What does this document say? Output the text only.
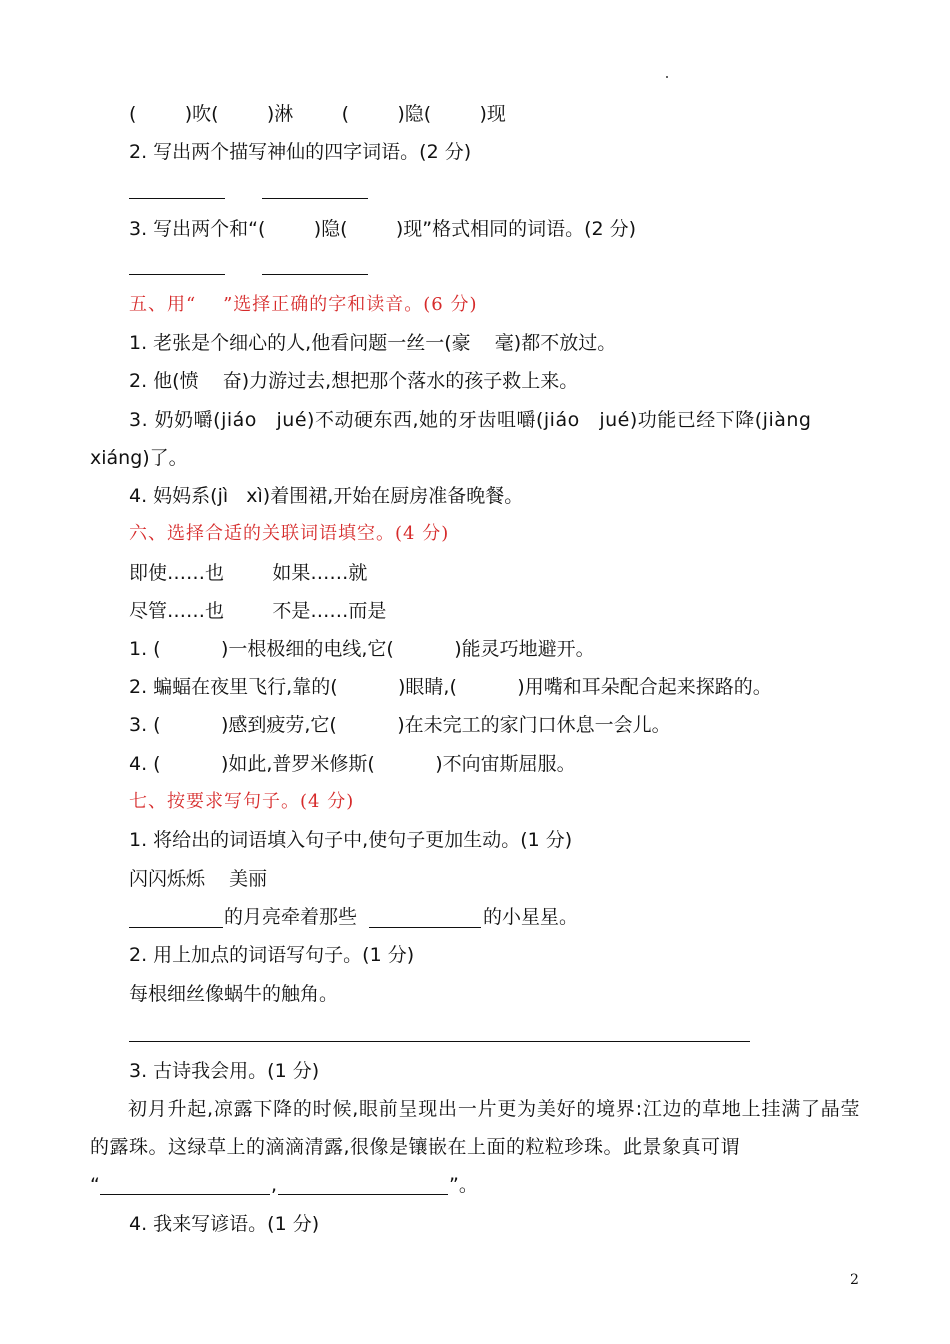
(        )吹(        )淋        (        )隐(        )现

2. 写出两个描写神仙的四字词语。(2 分)

3. 写出两个和“(        )隐(        )现”格式相同的词语。(2 分)

五、用“    ”选择正确的字和读音。(6 分)

1. 老张是个细心的人,他看问题一丝一(豪    毫)都不放过。

2. 他(愤    奋)力游过去,想把那个落水的孩子救上来。

3. 奶奶嚼(jiáo   jué)不动硬东西,她的牙齿咀嚼(jiáo   jué)功能已经下降(jiàng

xiáng)了。

4. 妈妈系(jì   xì)着围裙,开始在厨房准备晚餐。

六、选择合适的关联词语填空。(4 分)

即使……也        如果……就

尽管……也        不是……而是

1. (          )一根极细的电线,它(          )能灵巧地避开。

2. 蝙蝠在夜里飞行,靠的(          )眼睛,(          )用嘴和耳朵配合起来探路的。

3. (          )感到疲劳,它(          )在未完工的家门口休息一会儿。

4. (          )如此,普罗米修斯(          )不向宙斯屈服。

七、按要求写句子。(4 分)

1. 将给出的词语填入句子中,使句子更加生动。(1 分)

闪闪烁烁    美丽

的月亮牵着那些	的小星星。

2. 用上加点的词语写句子。(1 分)

每根细丝像蜗牛的触角。

3. 古诗我会用。(1 分)

初月升起,凉露下降的时候,眼前呈现出一片更为美好的境界:江边的草地上挂满了晶莹的露珠。这绿草上的滴滴清露,很像是镶嵌在上面的粒粒珍珠。此景象真可谓

“	,	”。

4. 我来写谚语。(1 分)

2
